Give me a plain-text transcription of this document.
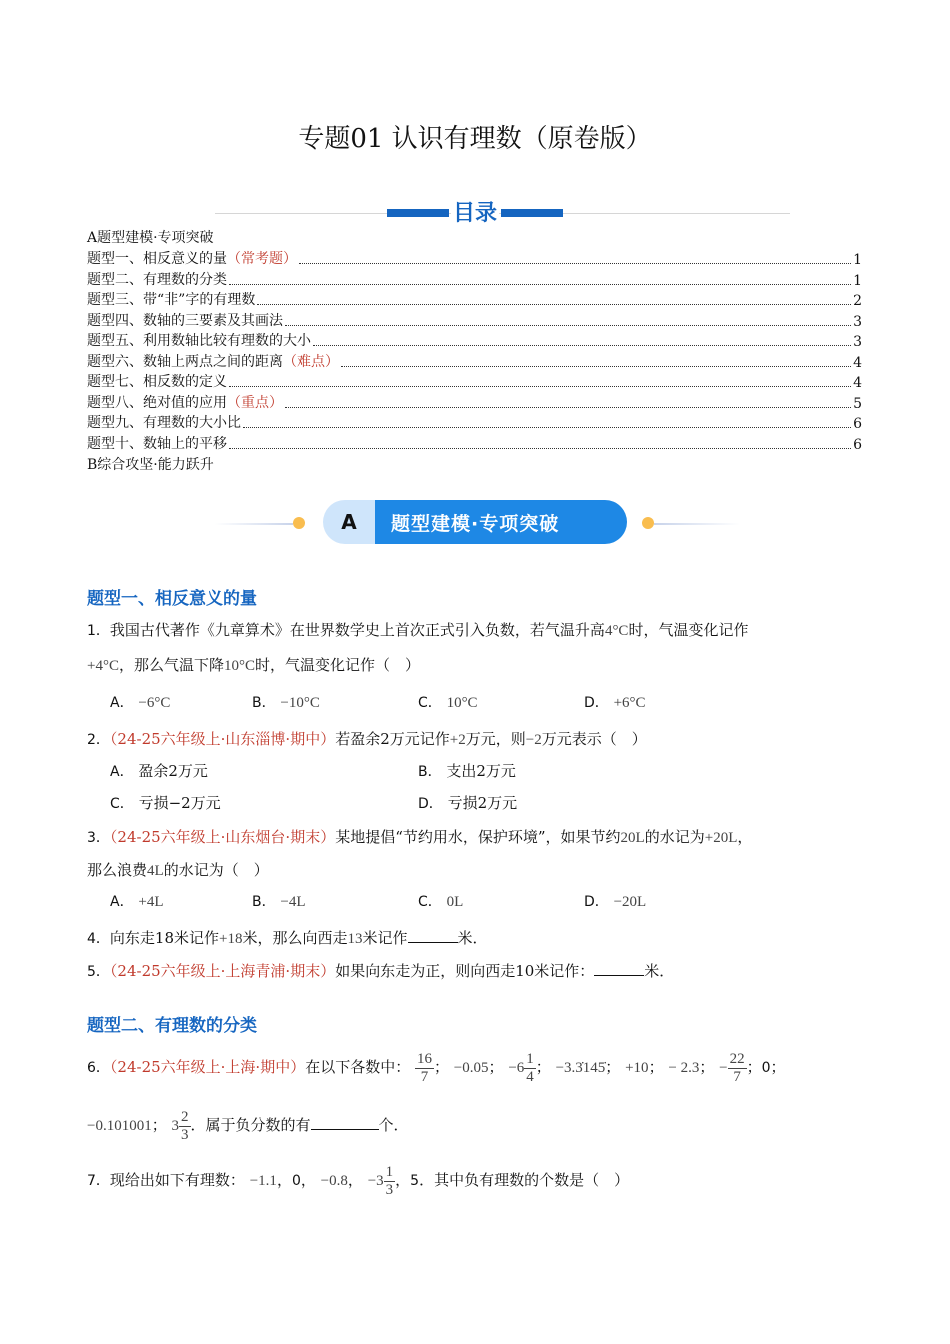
专题01 认识有理数（原卷版）
目录
A题型建模·专项突破
题型一、相反意义的量 （常考题）	1
题型二、有理数的分类	1
题型三、带“非”字的有理数	2
题型四、数轴的三要素及其画法	3
题型五、利用数轴比较有理数的大小	3
题型六、数轴上两点之间的距离 （难点）	4
题型七、相反数的定义	4
题型八、绝对值的应用 （重点）	5
题型九、有理数的大小比	6
题型十、数轴上的平移	6
B综合攻坚·能力跃升
A	题型建模·专项突破
题型一、相反意义的量
1．我国古代著作《九章算术》在世界数学史上首次正式引入负数，若气温升高4°C时，气温变化记作
+4°C，那么气温下降10°C时，气温变化记作（　）
A． −6°C	B． −10°C	C． 10°C	D． +6°C
2．（24-25六年级上·山东淄博·期中）若盈余2万元记作+2万元，则−2万元表示（　）
A． 盈余2万元	B． 支出2万元
C． 亏损−2万元	D． 亏损2万元
3．（24-25六年级上·山东烟台·期末）某地提倡“节约用水，保护环境”，如果节约20L的水记为+20L，
那么浪费4L的水记为（　）
A． +4L	B． −4L	C． 0L	D． −20L
4．向东走18米记作+18米，那么向西走13米记作	米．
5．（24-25六年级上·上海青浦·期末）如果向东走为正，则向西走10米记作：	米．
题型二、有理数的分类
6．（24-25六年级上·上海·期中）在以下各数中： $\frac{16}{7}$ ； −0.05； $-6 \frac{1}{4}$ ； −3.3̇145̇； +10； − 2.3； − $\frac{22}{7}$ ；0；
−0.101001； $3 \frac{2}{3}$ ．属于负分数的有	个．
7．现给出如下有理数： −1.1，0， −0.8， $-3 \frac{1}{3}$ ，5．其中负有理数的个数是（　）
